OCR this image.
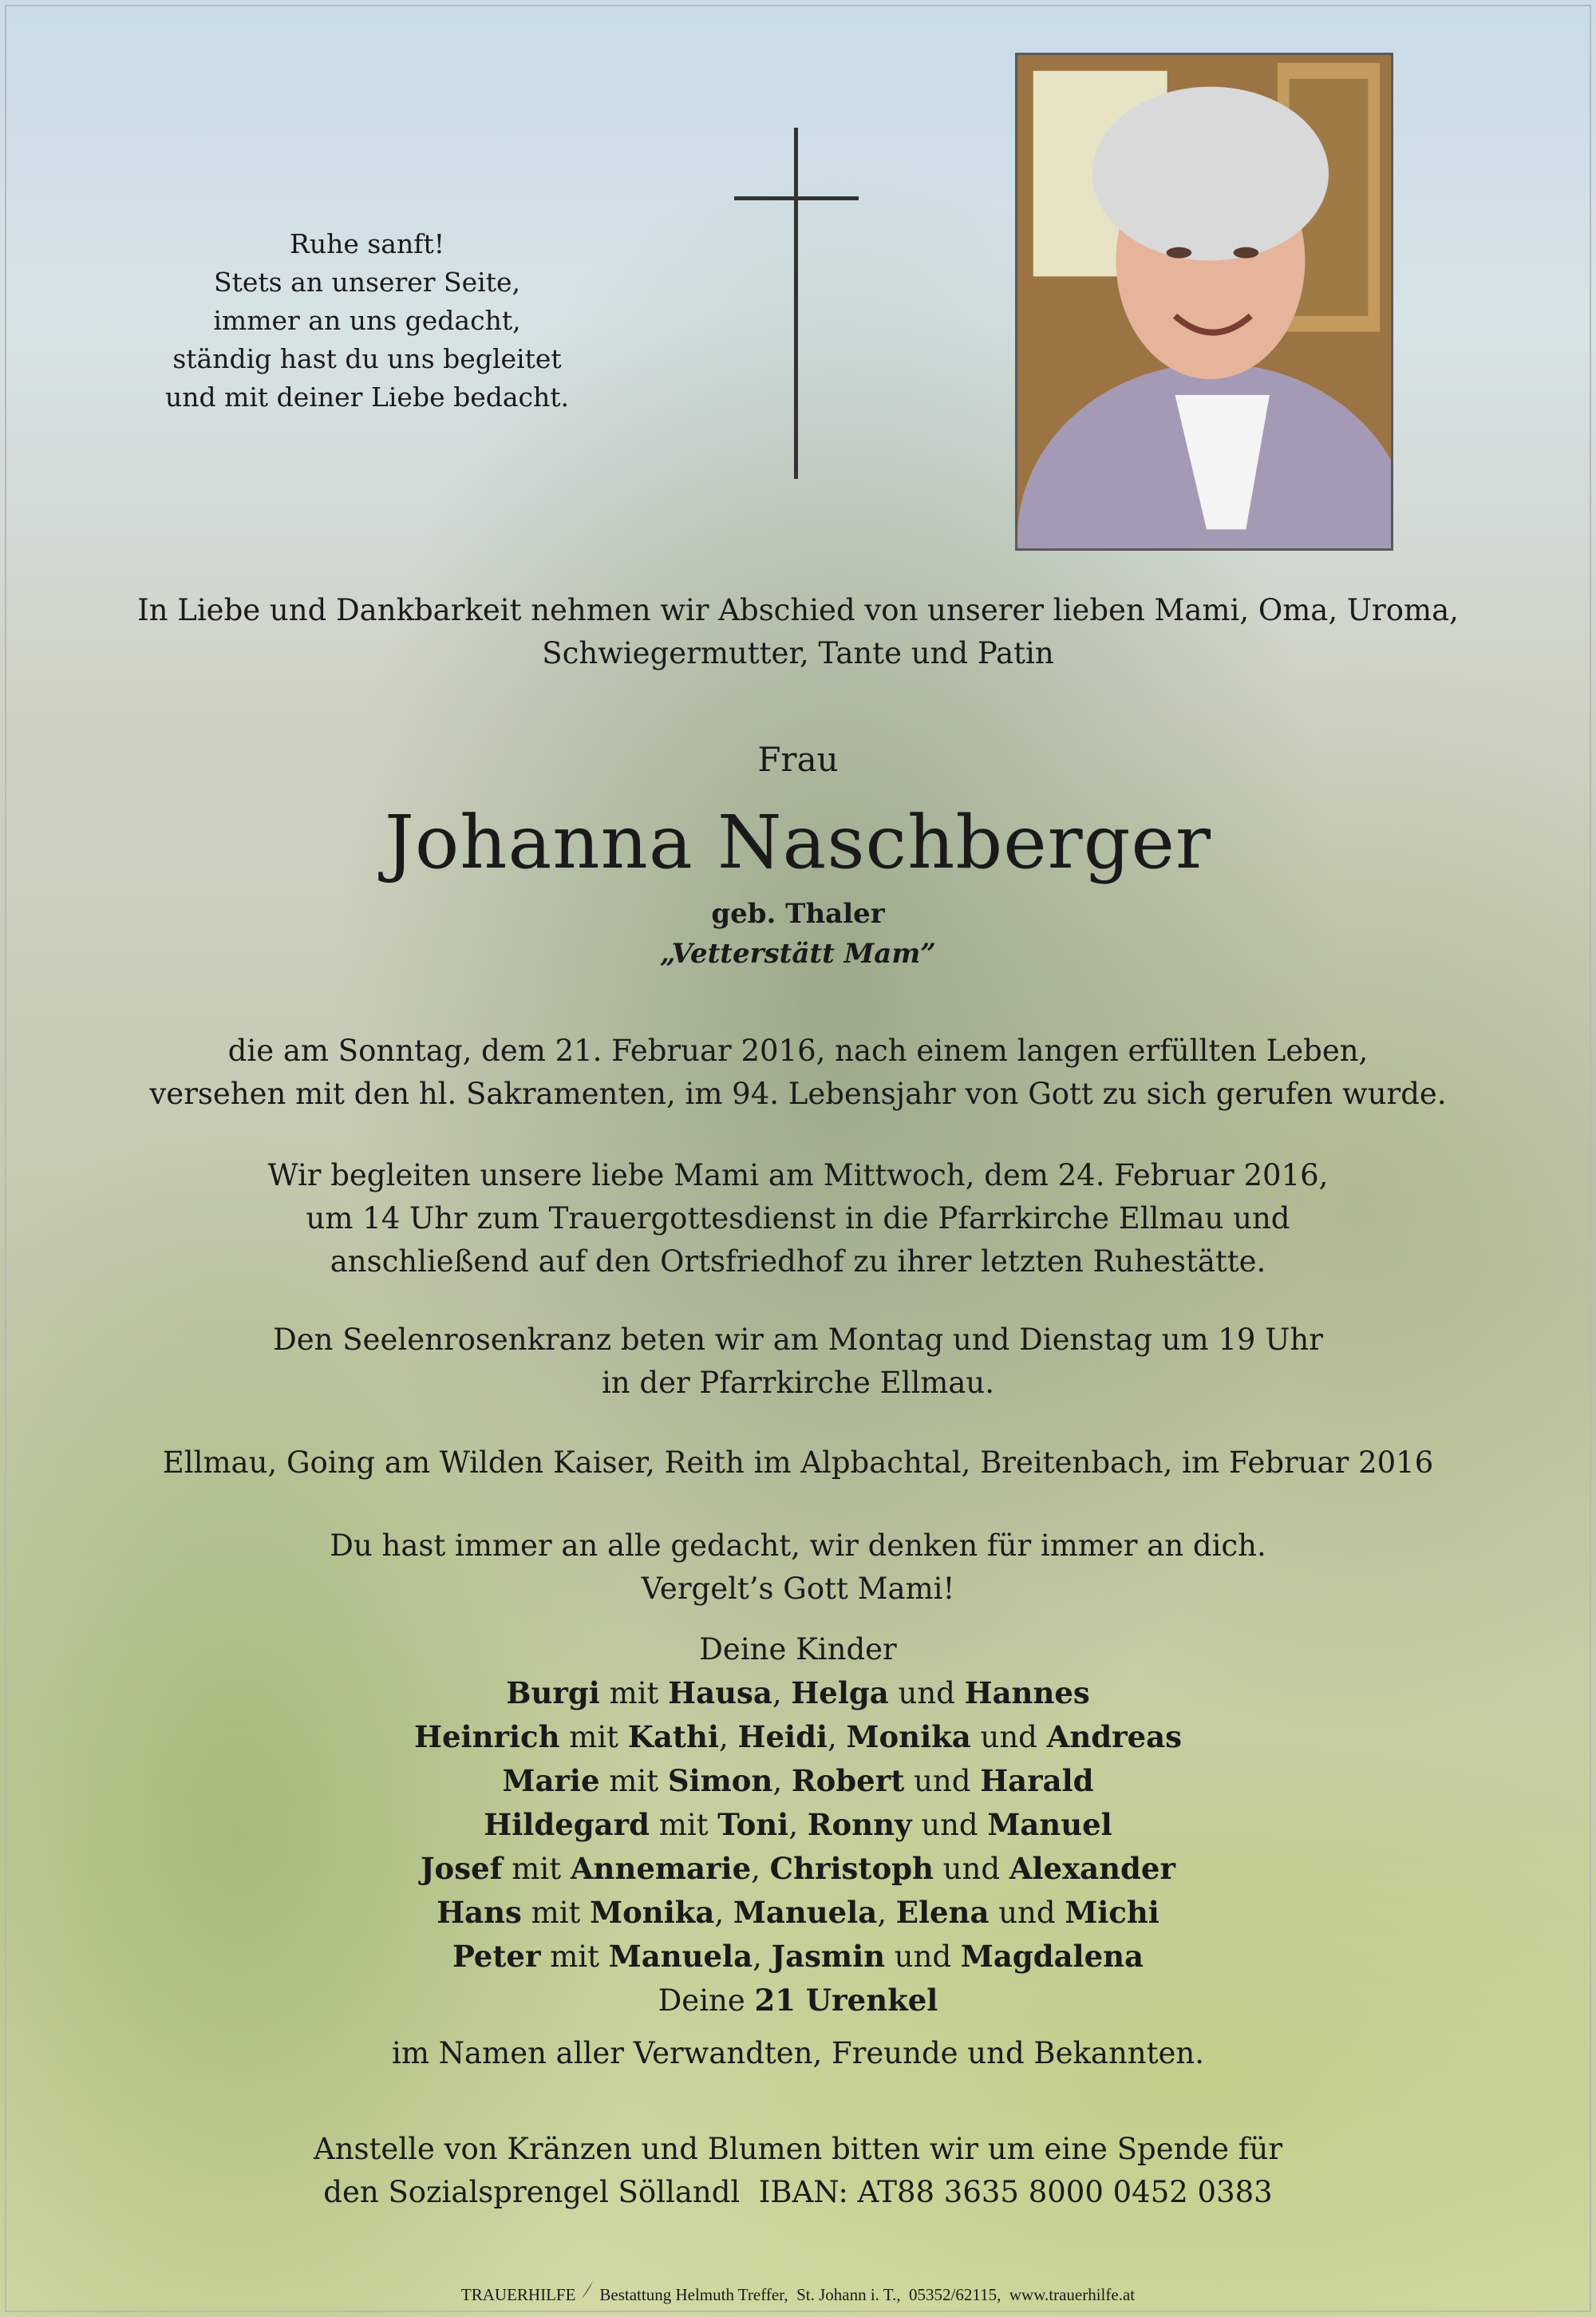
Ruhe sanft!
Stets an unserer Seite,
immer an uns gedacht,
ständig hast du uns begleitet
und mit deiner Liebe bedacht.
In Liebe und Dankbarkeit nehmen wir Abschied von unserer lieben Mami, Oma, Uroma,
Schwiegermutter, Tante und Patin
Frau
Johanna Naschberger
geb. Thaler
„Vetterstätt Mam”
die am Sonntag, dem 21. Februar 2016, nach einem langen erfüllten Leben,
versehen mit den hl. Sakramenten, im 94. Lebensjahr von Gott zu sich gerufen wurde.
Wir begleiten unsere liebe Mami am Mittwoch, dem 24. Februar 2016,
um 14 Uhr zum Trauergottesdienst in die Pfarrkirche Ellmau und
anschließend auf den Ortsfriedhof zu ihrer letzten Ruhestätte.
Den Seelenrosenkranz beten wir am Montag und Dienstag um 19 Uhr
in der Pfarrkirche Ellmau.
Ellmau, Going am Wilden Kaiser, Reith im Alpbachtal, Breitenbach, im Februar 2016
Du hast immer an alle gedacht, wir denken für immer an dich.
Vergelt’s Gott Mami!
Deine Kinder
Burgi mit Hausa, Helga und Hannes
Heinrich mit Kathi, Heidi, Monika und Andreas
Marie mit Simon, Robert und Harald
Hildegard mit Toni, Ronny und Manuel
Josef mit Annemarie, Christoph und Alexander
Hans mit Monika, Manuela, Elena und Michi
Peter mit Manuela, Jasmin und Magdalena
Deine 21 Urenkel
im Namen aller Verwandten, Freunde und Bekannten.
Anstelle von Kränzen und Blumen bitten wir um eine Spende für
den Sozialsprengel Söllandl  IBAN: AT88 3635 8000 0452 0383
TRAUERHILFE Bestattung Helmuth Treffer,  St. Johann i. T.,  05352/62115,  www.trauerhilfe.at
